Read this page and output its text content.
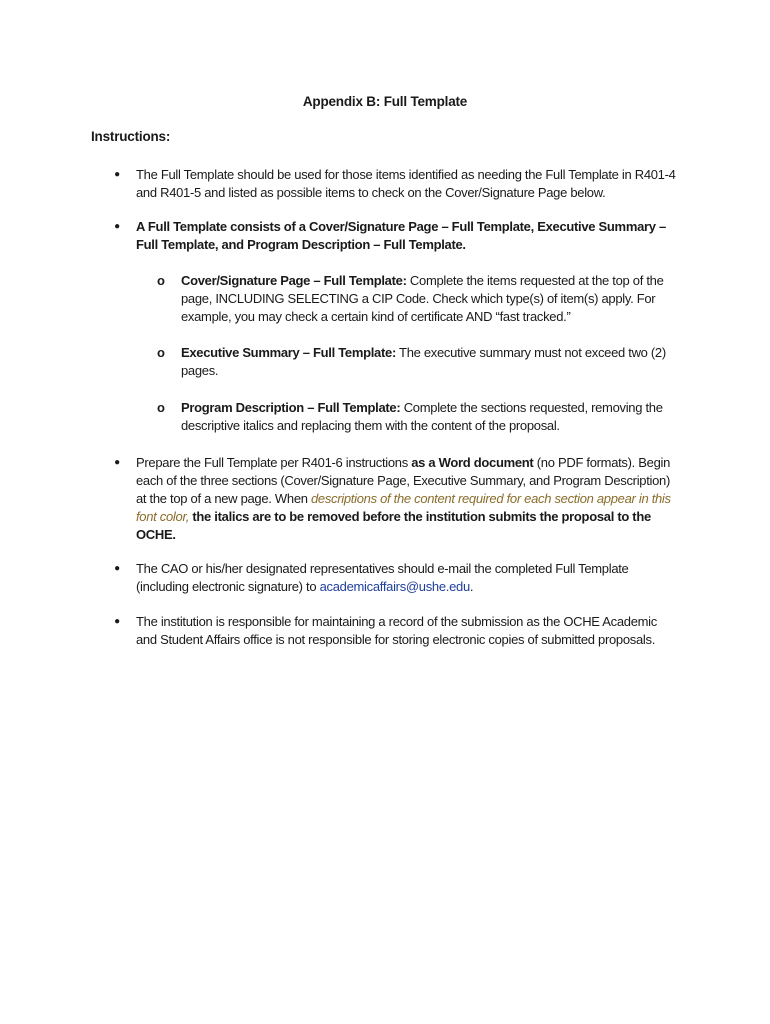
Appendix B: Full Template
Instructions:
● The Full Template should be used for those items identified as needing the Full Template in R401-4 and R401-5 and listed as possible items to check on the Cover/Signature Page below.
● A Full Template consists of a Cover/Signature Page – Full Template, Executive Summary – Full Template, and Program Description – Full Template.
o Cover/Signature Page – Full Template: Complete the items requested at the top of the page, INCLUDING SELECTING a CIP Code. Check which type(s) of item(s) apply. For example, you may check a certain kind of certificate AND “fast tracked.”
o Executive Summary – Full Template: The executive summary must not exceed two (2) pages.
o Program Description – Full Template: Complete the sections requested, removing the descriptive italics and replacing them with the content of the proposal.
● Prepare the Full Template per R401-6 instructions as a Word document (no PDF formats). Begin each of the three sections (Cover/Signature Page, Executive Summary, and Program Description) at the top of a new page. When descriptions of the content required for each section appear in this font color, the italics are to be removed before the institution submits the proposal to the OCHE.
● The CAO or his/her designated representatives should e-mail the completed Full Template (including electronic signature) to academicaffairs@ushe.edu.
● The institution is responsible for maintaining a record of the submission as the OCHE Academic and Student Affairs office is not responsible for storing electronic copies of submitted proposals.
